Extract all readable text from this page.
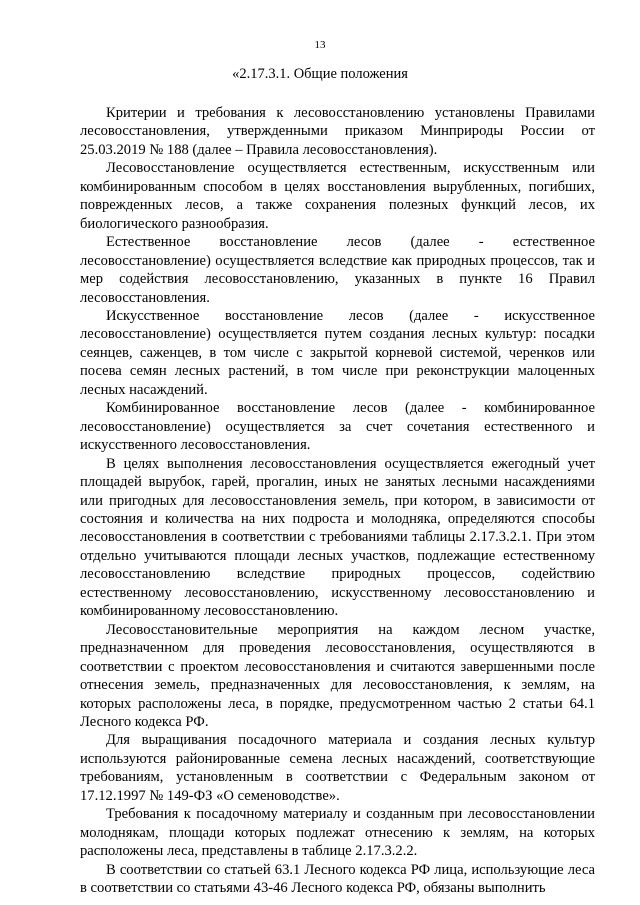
13
«2.17.3.1. Общие положения

Критерии и требования к лесовосстановлению установлены Правилами лесовосстановления, утвержденными приказом Минприроды России от 25.03.2019 № 188 (далее – Правила лесовосстановления).

Лесовосстановление осуществляется естественным, искусственным или комбинированным способом в целях восстановления вырубленных, погибших, поврежденных лесов, а также сохранения полезных функций лесов, их биологического разнообразия.

Естественное восстановление лесов (далее - естественное лесовосстановление) осуществляется вследствие как природных процессов, так и мер содействия лесовосстановлению, указанных в пункте 16 Правил лесовосстановления.

Искусственное восстановление лесов (далее - искусственное лесовосстановление) осуществляется путем создания лесных культур: посадки сеянцев, саженцев, в том числе с закрытой корневой системой, черенков или посева семян лесных растений, в том числе при реконструкции малоценных лесных насаждений.

Комбинированное восстановление лесов (далее - комбинированное лесовосстановление) осуществляется за счет сочетания естественного и искусственного лесовосстановления.

В целях выполнения лесовосстановления осуществляется ежегодный учет площадей вырубок, гарей, прогалин, иных не занятых лесными насаждениями или пригодных для лесовосстановления земель, при котором, в зависимости от состояния и количества на них подроста и молодняка, определяются способы лесовосстановления в соответствии с требованиями таблицы 2.17.3.2.1. При этом отдельно учитываются площади лесных участков, подлежащие естественному лесовосстановлению вследствие природных процессов, содействию естественному лесовосстановлению, искусственному лесовосстановлению и комбинированному лесовосстановлению.

Лесовосстановительные мероприятия на каждом лесном участке, предназначенном для проведения лесовосстановления, осуществляются в соответствии с проектом лесовосстановления и считаются завершенными после отнесения земель, предназначенных для лесовосстановления, к землям, на которых расположены леса, в порядке, предусмотренном частью 2 статьи 64.1 Лесного кодекса РФ.

Для выращивания посадочного материала и создания лесных культур используются районированные семена лесных насаждений, соответствующие требованиям, установленным в соответствии с Федеральным законом от 17.12.1997 № 149-ФЗ «О семеноводстве».

Требования к посадочному материалу и созданным при лесовосстановлении молоднякам, площади которых подлежат отнесению к землям, на которых расположены леса, представлены в таблице 2.17.3.2.2.

В соответствии со статьей 63.1 Лесного кодекса РФ лица, использующие леса в соответствии со статьями 43-46 Лесного кодекса РФ, обязаны выполнить
